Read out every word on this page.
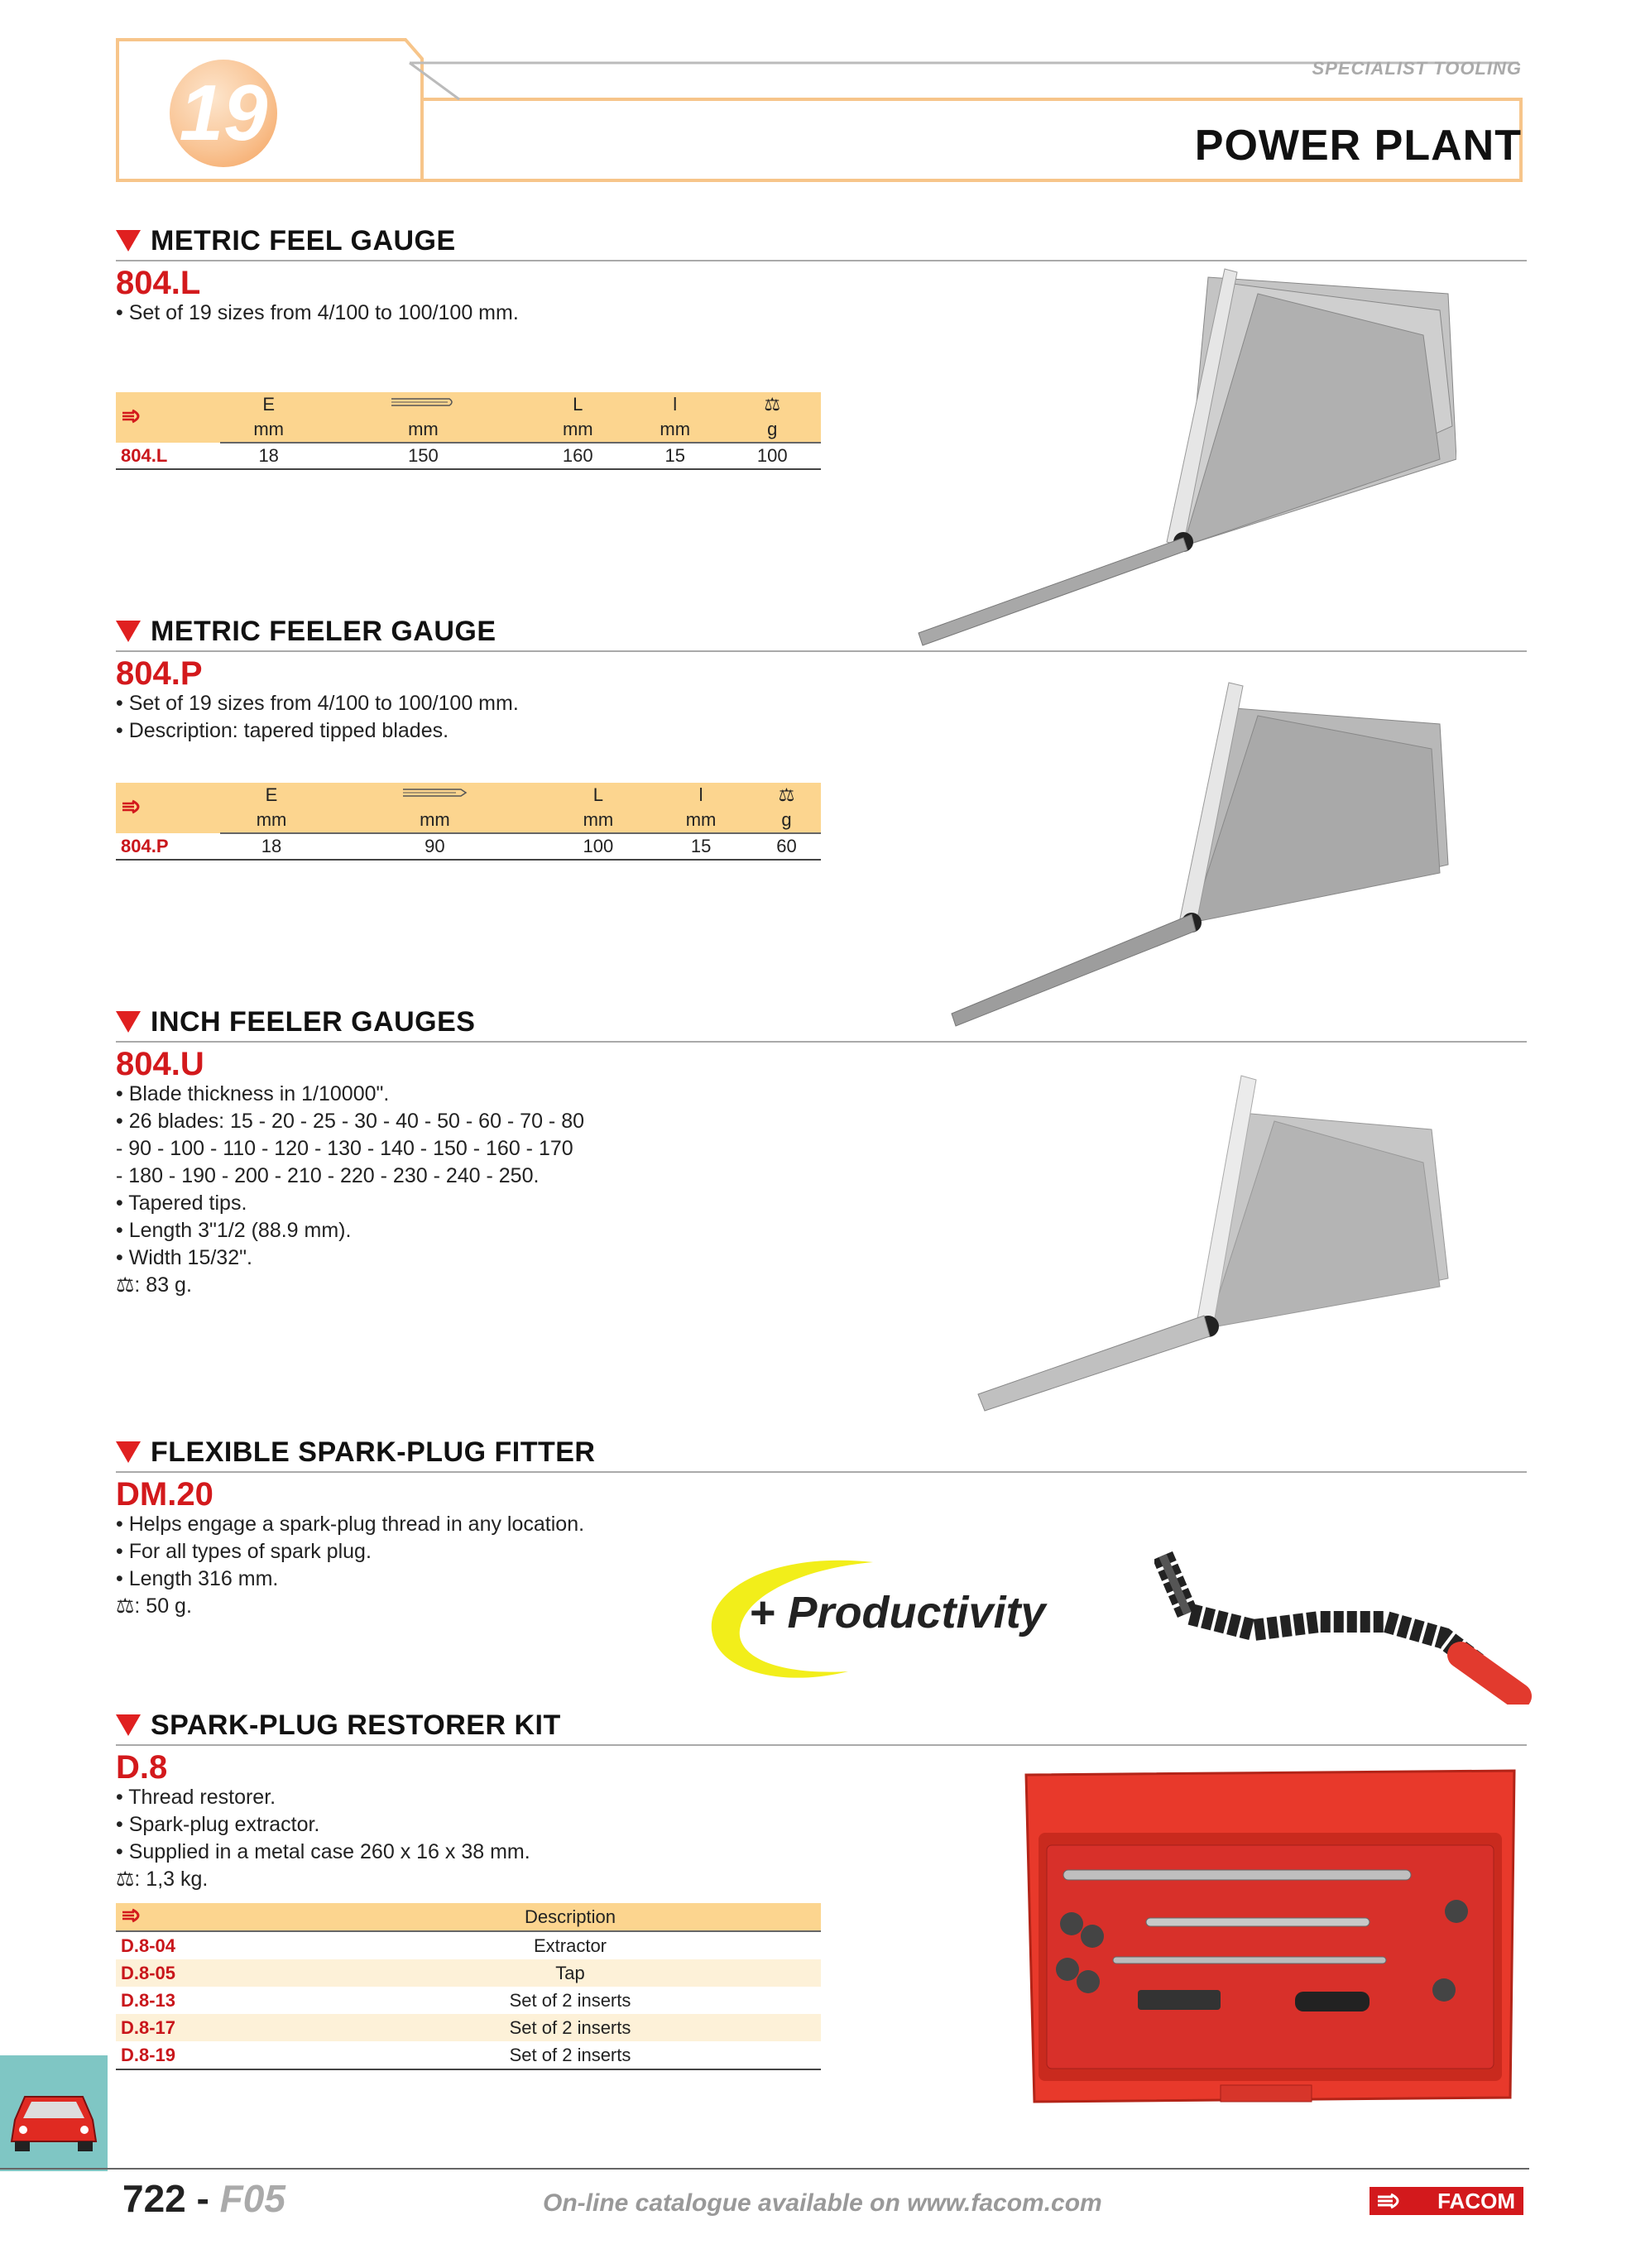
19
SPECIALIST TOOLING
POWER PLANT
METRIC FEEL GAUGE
804.L
• Set of 19 sizes from 4/100 to 100/100 mm.
	E		L	l	⚖
	mm	mm	mm	mm	g
804.L	18	150	160	15	100
METRIC FEELER GAUGE
804.P
• Set of 19 sizes from 4/100 to 100/100 mm.
• Description: tapered tipped blades.
	E		L	l	⚖
	mm	mm	mm	mm	g
804.P	18	90	100	15	60
INCH FEELER GAUGES
804.U
• Blade thickness in 1/10000".
• 26 blades: 15 - 20 - 25 - 30 - 40 - 50 - 60 - 70 - 80
- 90 - 100 - 110 - 120 - 130 - 140 - 150 - 160 - 170
- 180 - 190 - 200 - 210 - 220 - 230 - 240 - 250.
• Tapered tips.
• Length 3"1/2 (88.9 mm).
• Width 15/32".
⚖: 83 g.
FLEXIBLE SPARK-PLUG FITTER
DM.20
• Helps engage a spark-plug thread in any location.
• For all types of spark plug.
• Length 316 mm.
⚖: 50 g.	+ Productivity
SPARK-PLUG RESTORER KIT
D.8
• Thread restorer.
• Spark-plug extractor.
• Supplied in a metal case 260 x 16 x 38 mm.
⚖: 1,3 kg.
	Description
D.8-04	Extractor
D.8-05	Tap
D.8-13	Set of 2 inserts
D.8-17	Set of 2 inserts
D.8-19	Set of 2 inserts
722 - F05	On-line catalogue available on www.facom.com	FACOM
